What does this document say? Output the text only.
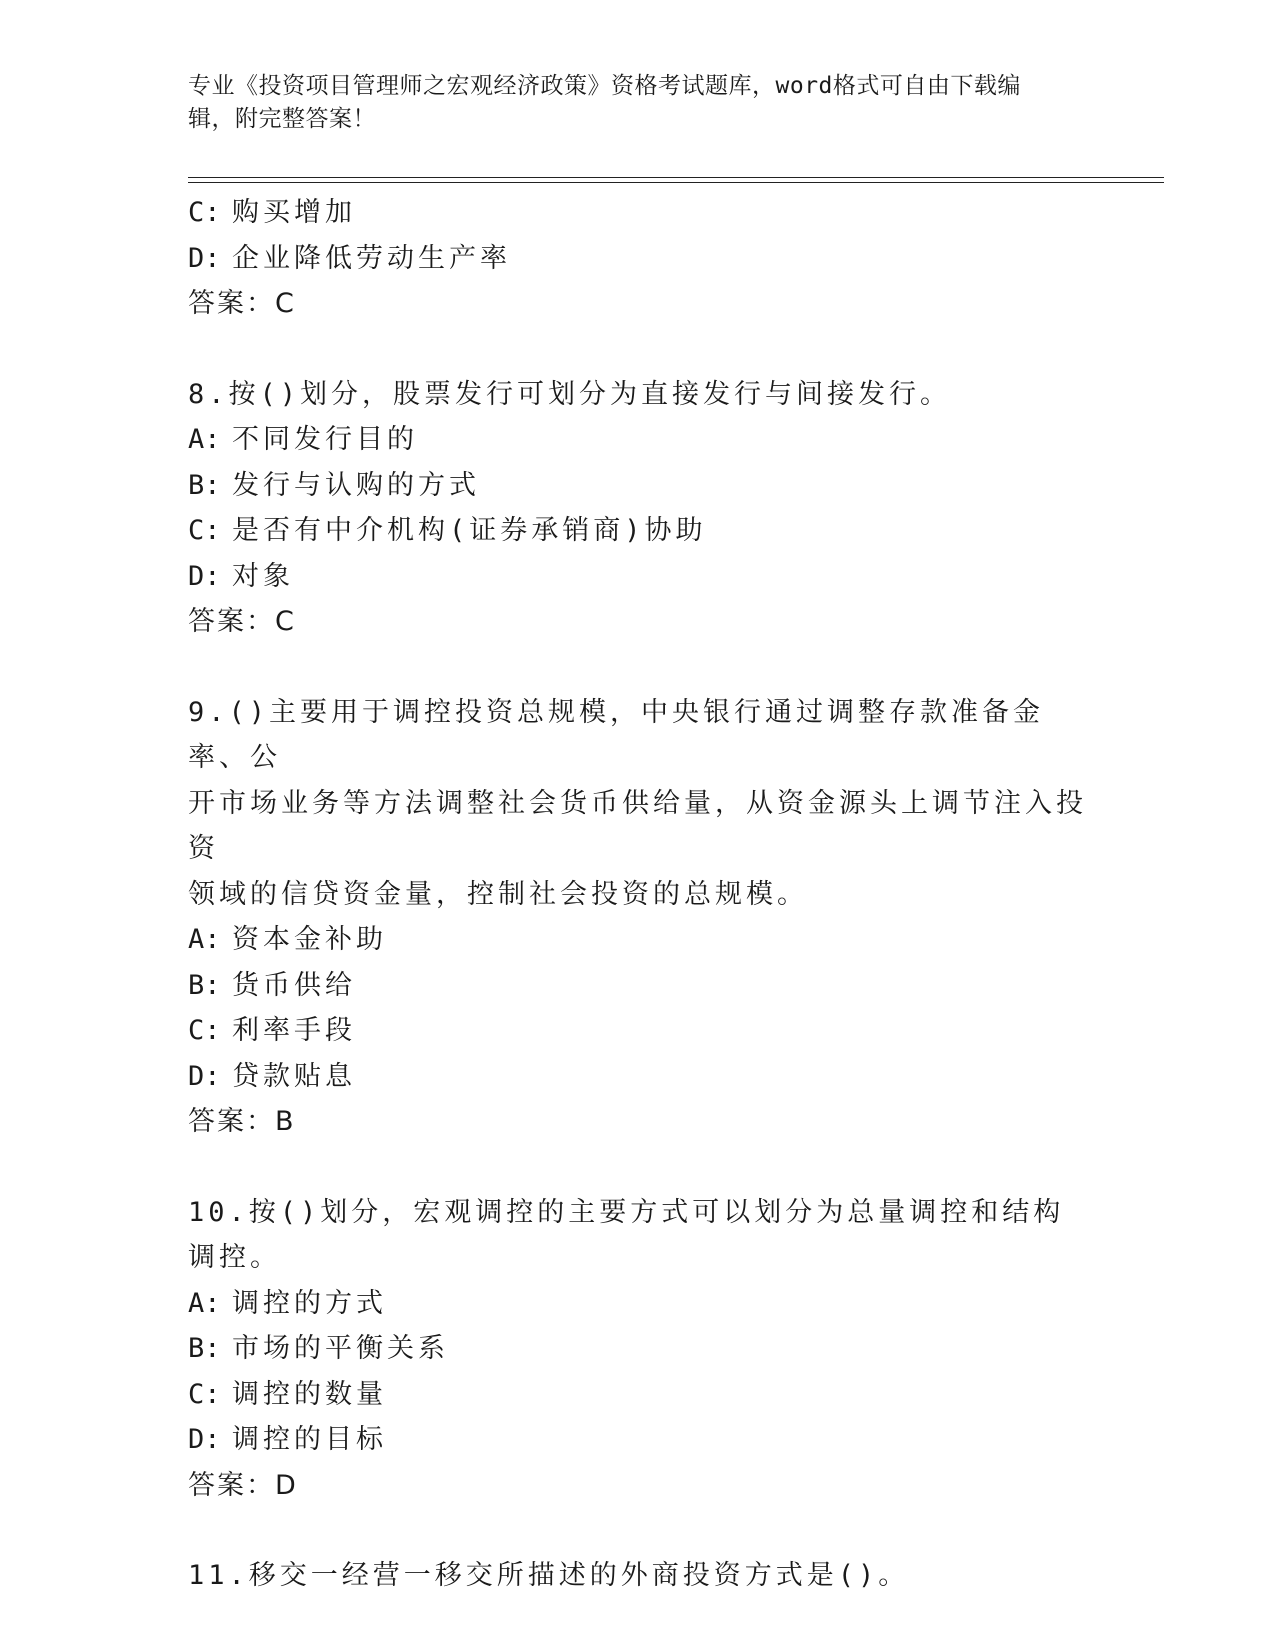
专业《投资项目管理师之宏观经济政策》资格考试题库，word格式可自由下载编
辑，附完整答案！
C: 购买增加
D: 企业降低劳动生产率
答案：C
8.按()划分，股票发行可划分为直接发行与间接发行。
A: 不同发行目的
B: 发行与认购的方式
C: 是否有中介机构(证券承销商)协助
D: 对象
答案：C
9.()主要用于调控投资总规模，中央银行通过调整存款准备金率、公
开市场业务等方法调整社会货币供给量，从资金源头上调节注入投资
领域的信贷资金量，控制社会投资的总规模。
A: 资本金补助
B: 货币供给
C: 利率手段
D: 贷款贴息
答案：B
10.按()划分，宏观调控的主要方式可以划分为总量调控和结构调控。
A: 调控的方式
B: 市场的平衡关系
C: 调控的数量
D: 调控的目标
答案：D
11.移交一经营一移交所描述的外商投资方式是()。
